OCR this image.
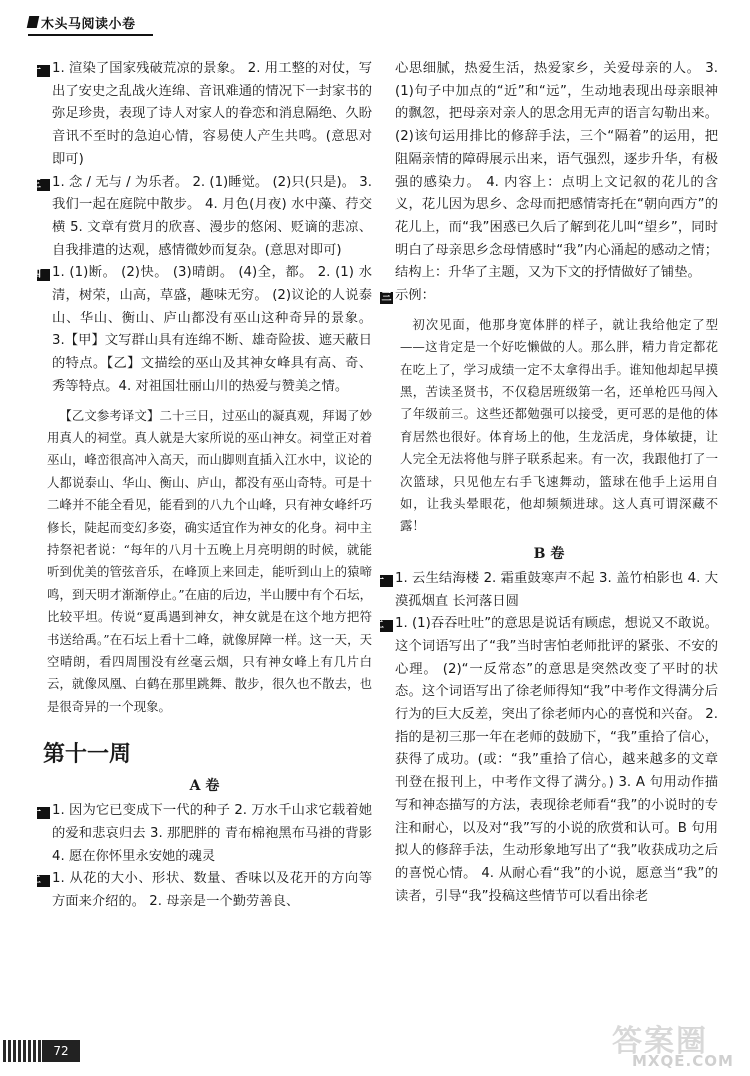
木头马阅读小卷

一 1. 渲染了国家残破荒凉的景象。 2. 用工整的对仗，写出了安史之乱战火连绵、音讯难通的情况下一封家书的弥足珍贵，表现了诗人对家人的眷恋和消息隔绝、久盼音讯不至时的急迫心情，容易使人产生共鸣。(意思对即可)

三 1. 念 / 无与 / 为乐者。 2. (1)睡觉。 (2)只(只是)。 3. 我们一起在庭院中散步。 4. 月色(月夜) 水中藻、荇交横 5. 文章有赏月的欣喜、漫步的悠闲、贬谪的悲凉、自我排遣的达观，感情微妙而复杂。(意思对即可)

四 1. (1)断。 (2)快。 (3)晴朗。 (4)全，都。 2. (1) 水清，树荣，山高，草盛，趣味无穷。 (2)议论的人说泰山、华山、衡山、庐山都没有巫山这种奇异的景象。 3.【甲】文写群山具有连绵不断、雄奇险拔、遮天蔽日的特点。【乙】文描绘的巫山及其神女峰具有高、奇、秀等特点。4. 对祖国壮丽山川的热爱与赞美之情。

【乙文参考译文】二十三日，过巫山的凝真观，拜谒了妙用真人的祠堂。真人就是大家所说的巫山神女。祠堂正对着巫山，峰峦很高冲入高天，而山脚则直插入江水中，议论的人都说泰山、华山、衡山、庐山，都没有巫山奇特。可是十二峰并不能全看见，能看到的八九个山峰，只有神女峰纤巧修长，陡起而变幻多姿，确实适宜作为神女的化身。祠中主持祭祀者说：“每年的八月十五晚上月亮明朗的时候，就能听到优美的管弦音乐，在峰顶上来回走，能听到山上的猿啼鸣，到天明才渐渐停止。”在庙的后边，半山腰中有个石坛，比较平坦。传说“夏禹遇到神女，神女就是在这个地方把符书送给禹。”在石坛上看十二峰，就像屏障一样。这一天，天空晴朗，看四周围没有丝毫云烟，只有神女峰上有几片白云，就像凤凰、白鹤在那里跳舞、散步，很久也不散去，也是很奇异的一个现象。

第十一周
A 卷

一 1. 因为它已变成下一代的种子 2. 万水千山求它载着她的爱和悲哀归去 3. 那肥胖的 青布棉袍黑布马褂的背影 4. 愿在你怀里永安她的魂灵

二 1. 从花的大小、形状、数量、香味以及花开的方向等方面来介绍的。 2. 母亲是一个勤劳善良、

心思细腻，热爱生活，热爱家乡，关爱母亲的人。 3. (1)句子中加点的“近”和“远”，生动地表现出母亲眼神的飘忽，把母亲对亲人的思念用无声的语言勾勒出来。 (2)该句运用排比的修辞手法，三个“隔着”的运用，把阻隔亲情的障碍展示出来，语气强烈，逐步升华，有极强的感染力。 4. 内容上：点明上文记叙的花儿的含义，花儿因为思乡、念母而把感情寄托在“朝向西方”的花儿上，而“我”困惑已久后了解到花儿叫“望乡”，同时明白了母亲思乡念母情感时“我”内心涌起的感动之情；结构上：升华了主题，又为下文的抒情做好了铺垫。

三 示例：

初次见面，他那身宽体胖的样子，就让我给他定了型——这肯定是一个好吃懒做的人。那么胖，精力肯定都花在吃上了，学习成绩一定不太拿得出手。谁知他却起早摸黑，苦读圣贤书，不仅稳居班级第一名，还单枪匹马闯入了年级前三。这些还都勉强可以接受，更可恶的是他的体育居然也很好。体育场上的他，生龙活虎，身体敏捷，让人完全无法将他与胖子联系起来。有一次，我跟他打了一次篮球，只见他左右手飞速舞动，篮球在他手上运用自如，让我头晕眼花，他却频频进球。这人真可谓深藏不露！

B 卷

一 1. 云生结海楼 2. 霜重鼓寒声不起 3. 盖竹柏影也 4. 大漠孤烟直 长河落日圆

二 1. (1)吞吞吐吐”的意思是说话有顾虑，想说又不敢说。这个词语写出了“我”当时害怕老师批评的紧张、不安的心理。 (2)“一反常态”的意思是突然改变了平时的状态。这个词语写出了徐老师得知“我”中考作文得满分后行为的巨大反差，突出了徐老师内心的喜悦和兴奋。 2. 指的是初三那一年在老师的鼓励下，“我”重拾了信心，获得了成功。(或：“我”重拾了信心，越来越多的文章刊登在报刊上，中考作文得了满分。) 3. A 句用动作描写和神态描写的方法，表现徐老师看“我”的小说时的专注和耐心，以及对“我”写的小说的欣赏和认可。B 句用拟人的修辞手法，生动形象地写出了“我”收获成功之后的喜悦心情。 4. 从耐心看“我”的小说，愿意当“我”的读者，引导“我”投稿这些情节可以看出徐老

72	答案圈
MXQE.COM
